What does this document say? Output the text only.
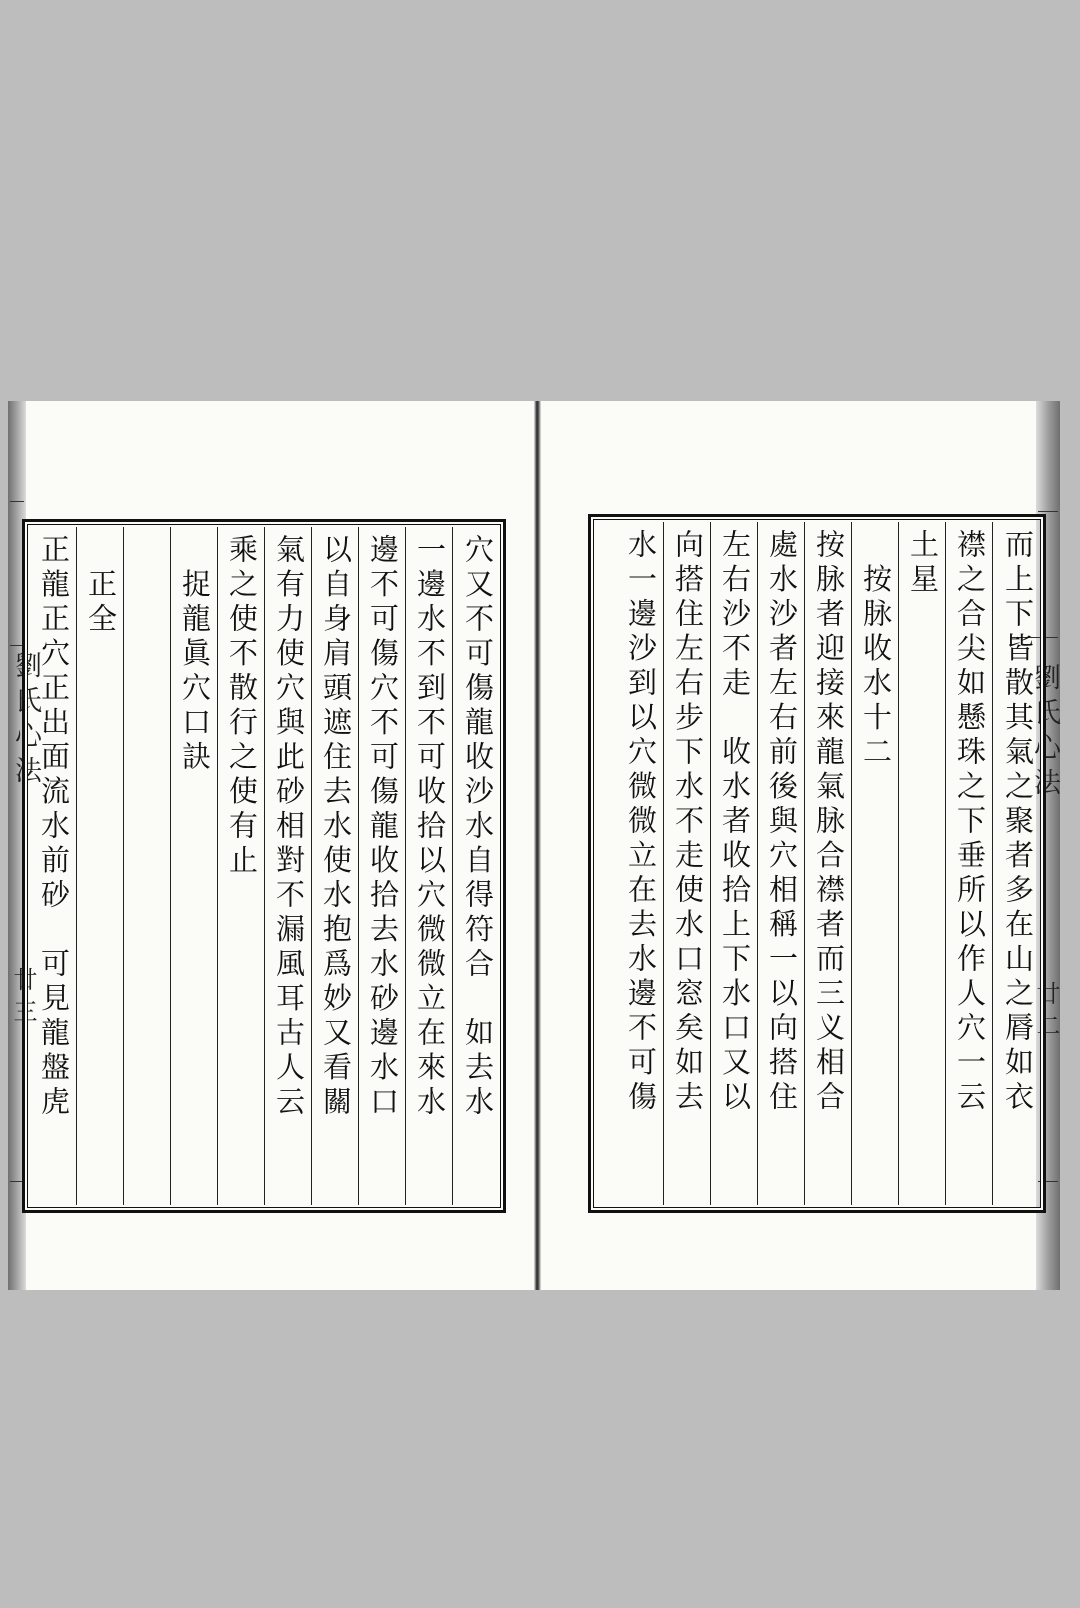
劉氏心法
廿三
劉氏心法
廿二
穴又不可傷龍收沙水自得符合　如去水
一邊水不到不可收拾以穴微微立在來水
邊不可傷穴不可傷龍收拾去水砂邊水口
以自身肩頭遮住去水使水抱爲妙又看關
氣有力使穴與此砂相對不漏風耳古人云
乘之使不散行之使有止
　捉龍眞穴口訣
　正全
正龍正穴正出面流水前砂　可見龍盤虎	而上下皆散其氣之聚者多在山之脣如衣
襟之合尖如懸珠之下垂所以作人穴一云
土星
　按脉收水十二
按脉者迎接來龍氣脉合襟者而三义相合
處水沙者左右前後與穴相稱一以向搭住
左右沙不走　收水者收拾上下水口又以
向搭住左右步下水不走使水口窓矣如去
水一邊沙到以穴微微立在去水邊不可傷
